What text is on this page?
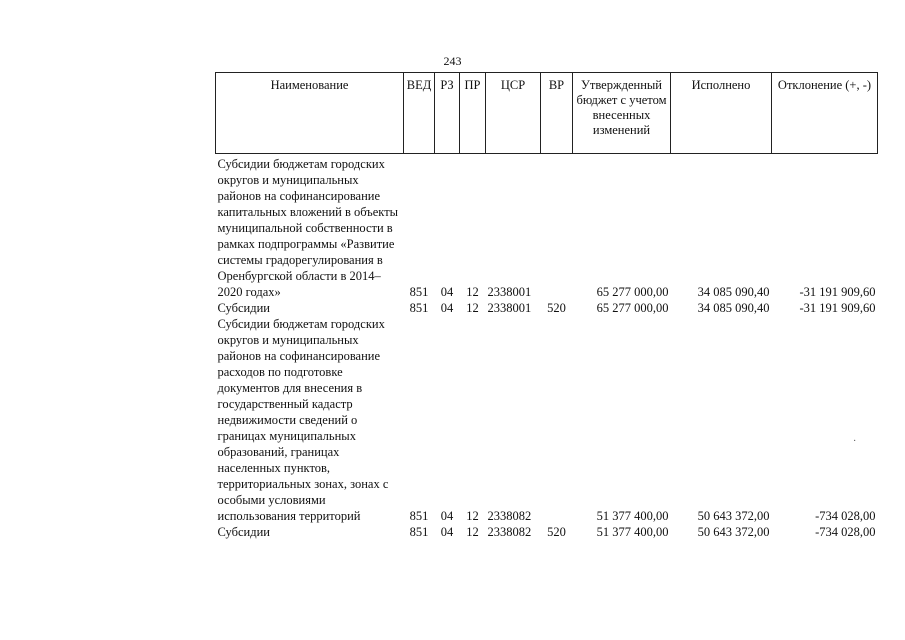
243
Наименование	ВЕД	РЗ	ПР	ЦСР	ВР	Утвержденный бюджет с учетом внесенных изменений	Исполнено	Отклонение (+, -)

Субсидии бюджетам городских округов и муниципальных районов на софинансирование капитальных вложений в объекты муниципальной собственности в рамках подпрограммы «Развитие системы градорегулирования в Оренбургской области в 2014–2020 годах»	851	04	12	2338001		65 277 000,00	34 085 090,40	-31 191 909,60
Субсидии	851	04	12	2338001	520	65 277 000,00	34 085 090,40	-31 191 909,60
Субсидии бюджетам городских округов и муниципальных районов на софинансирование расходов по подготовке документов для внесения в государственный кадастр недвижимости сведений о границах муниципальных образований, границах населенных пунктов, территориальных зонах, зонах с особыми условиями использования территорий	851	04	12	2338082		51 377 400,00	50 643 372,00	-734 028,00
Субсидии	851	04	12	2338082	520	51 377 400,00	50 643 372,00	-734 028,00
·
